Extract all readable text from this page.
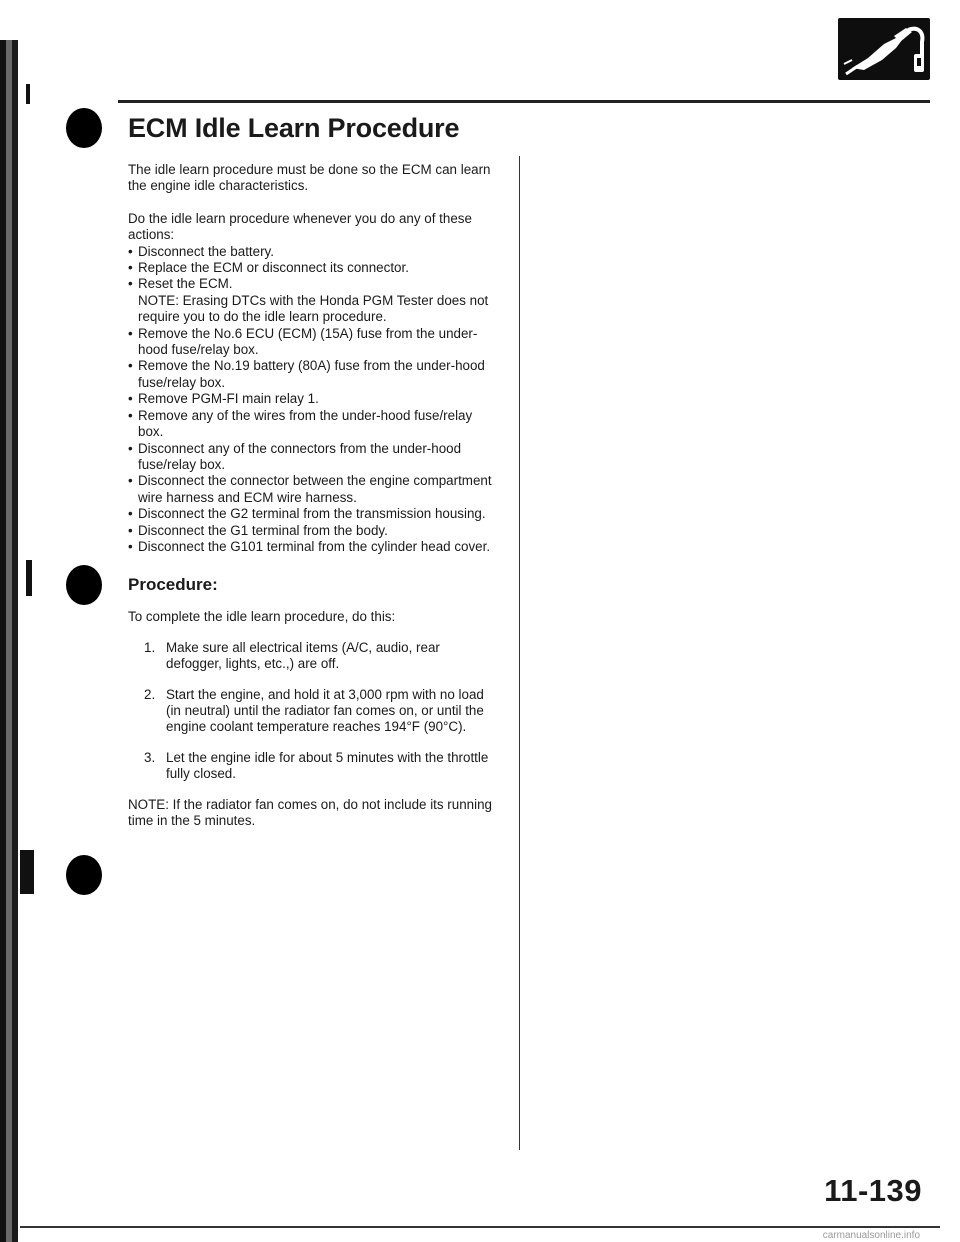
ECM Idle Learn Procedure

The idle learn procedure must be done so the ECM can learn the engine idle characteristics.

Do the idle learn procedure whenever you do any of these actions:

• Disconnect the battery.
• Replace the ECM or disconnect its connector.
• Reset the ECM.
NOTE: Erasing DTCs with the Honda PGM Tester does not require you to do the idle learn procedure.
• Remove the No.6 ECU (ECM) (15A) fuse from the under-hood fuse/relay box.
• Remove the No.19 battery (80A) fuse from the under-hood fuse/relay box.
• Remove PGM-FI main relay 1.
• Remove any of the wires from the under-hood fuse/relay box.
• Disconnect any of the connectors from the under-hood fuse/relay box.
• Disconnect the connector between the engine compartment wire harness and ECM wire harness.
• Disconnect the G2 terminal from the transmission housing.
• Disconnect the G1 terminal from the body.
• Disconnect the G101 terminal from the cylinder head cover.
Procedure:

To complete the idle learn procedure, do this:

1. Make sure all electrical items (A/C, audio, rear defogger, lights, etc.,) are off.
2. Start the engine, and hold it at 3,000 rpm with no load (in neutral) until the radiator fan comes on, or until the engine coolant temperature reaches 194°F (90°C).
3. Let the engine idle for about 5 minutes with the throttle fully closed.

NOTE: If the radiator fan comes on, do not include its running time in the 5 minutes.

11-139

carmanualsonline.info
